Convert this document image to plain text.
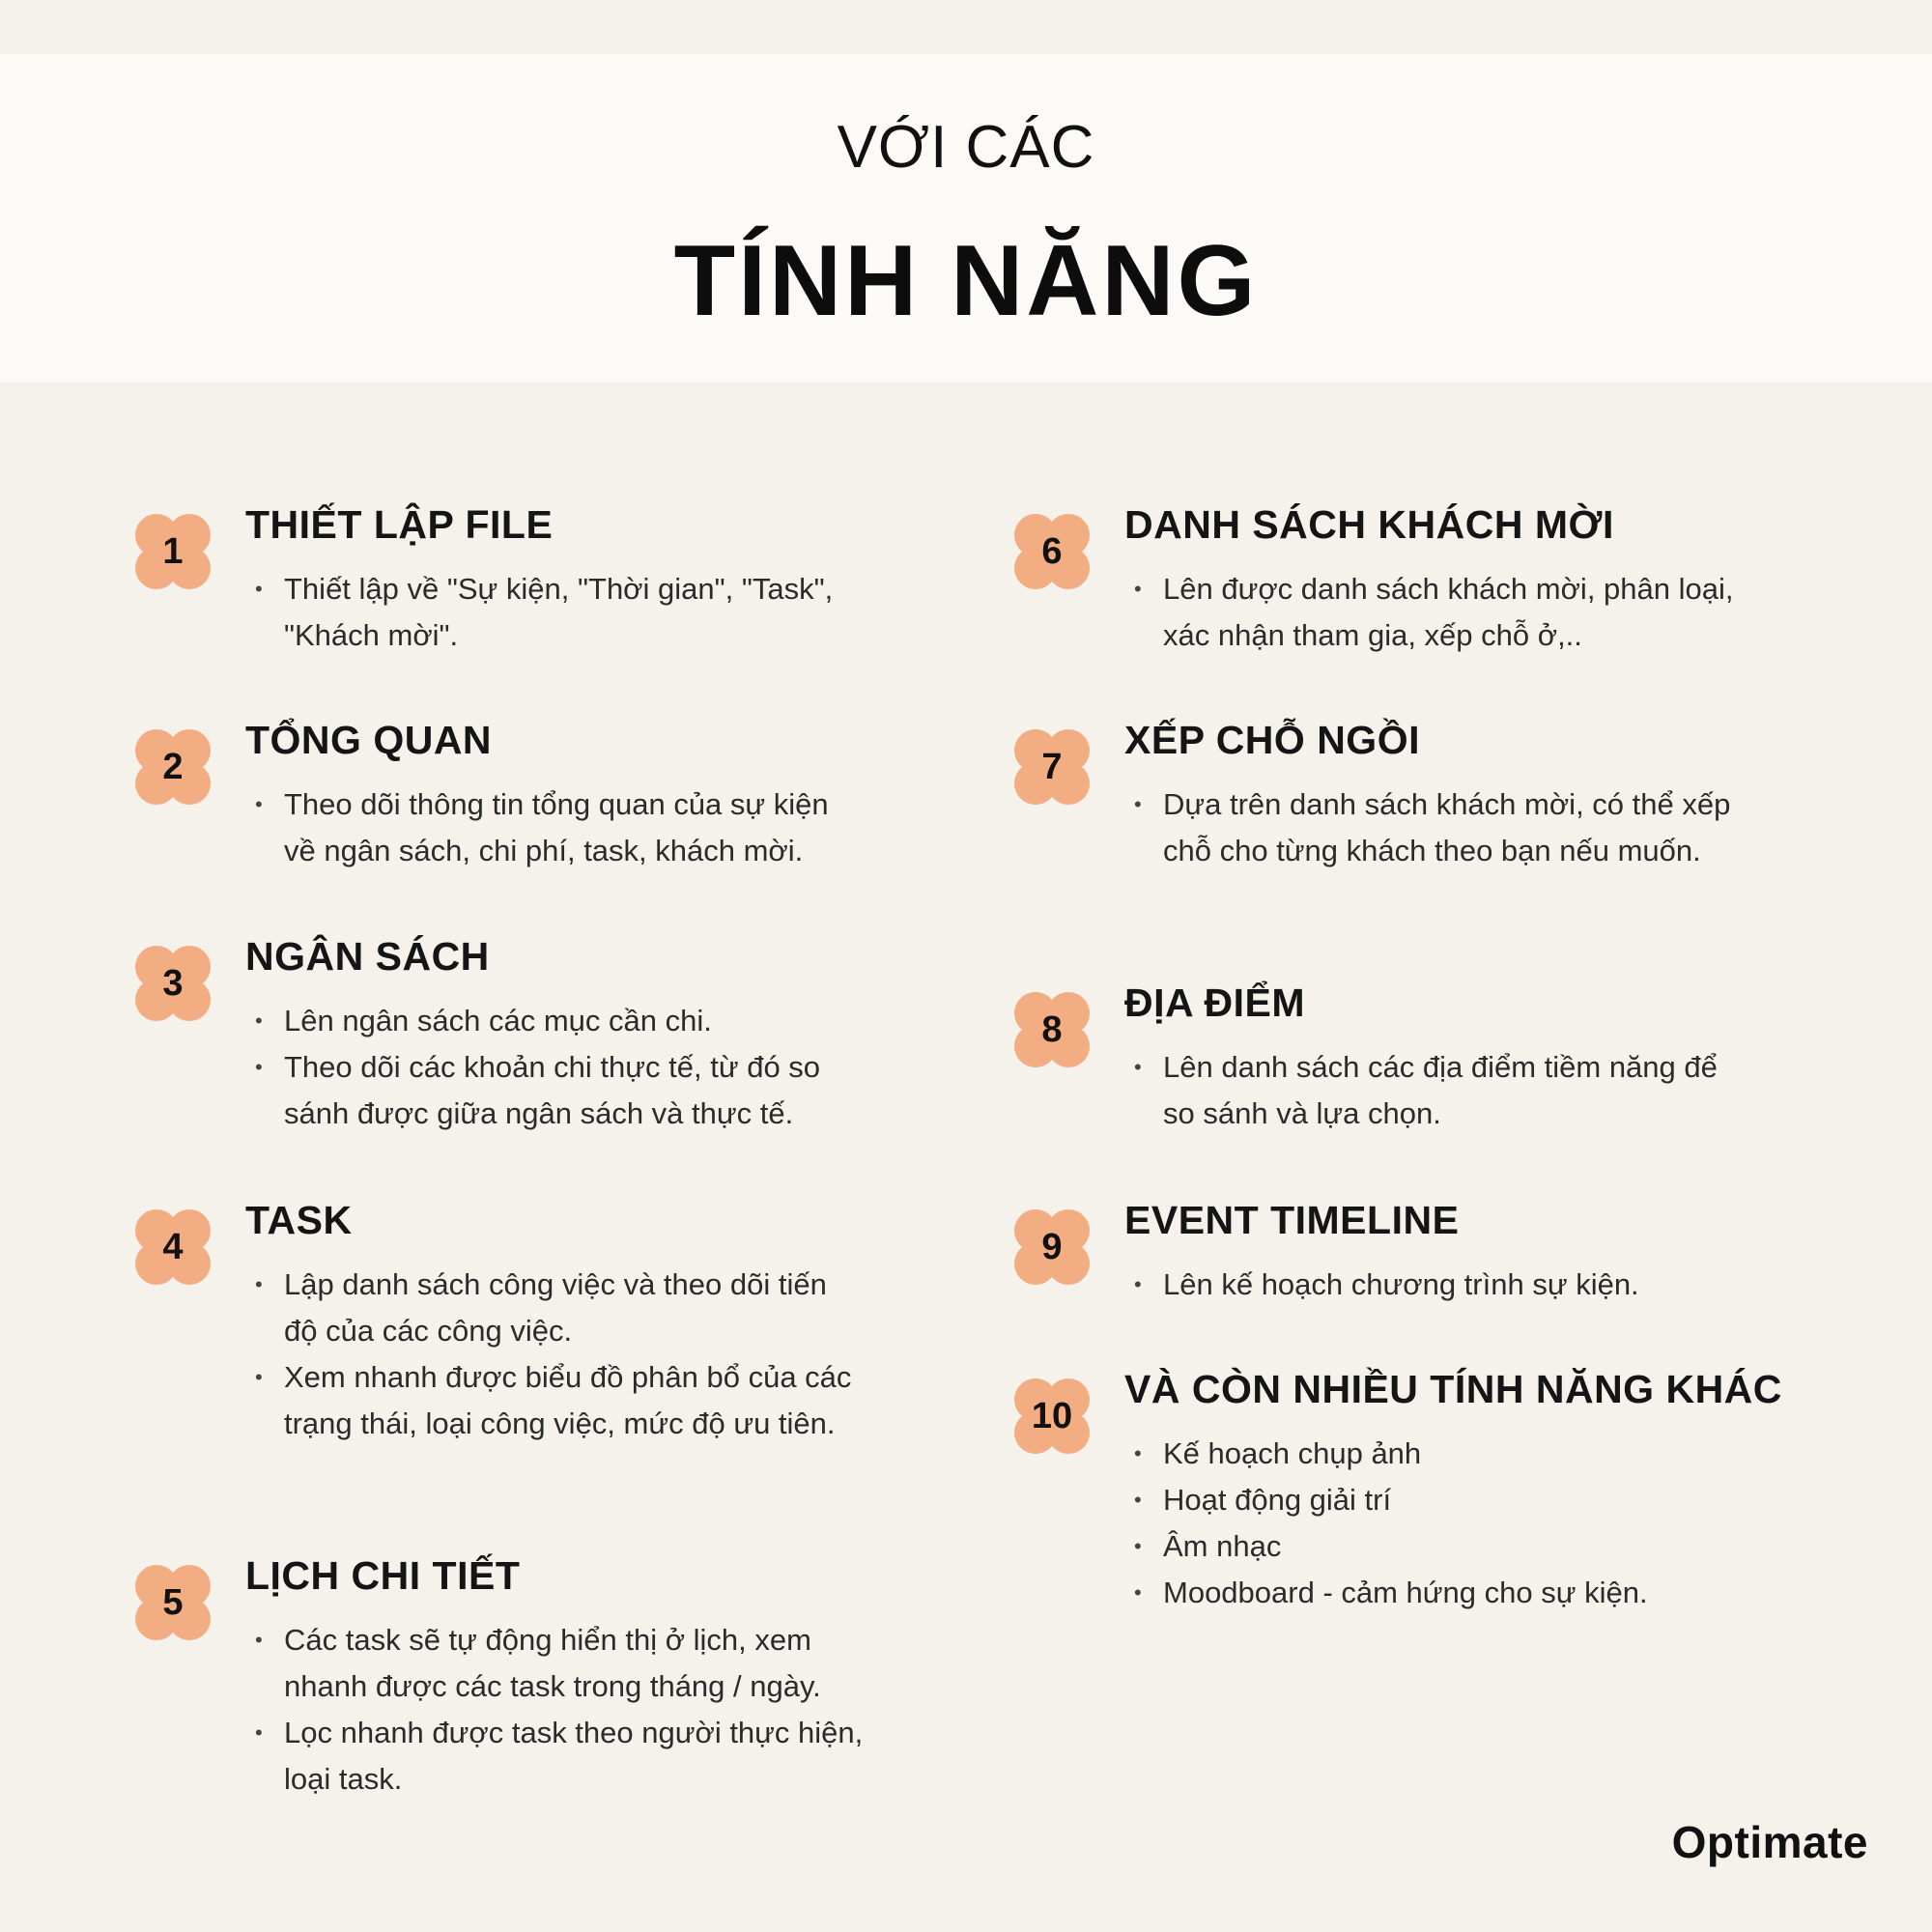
VỚI CÁC
TÍNH NĂNG
1
THIẾT LẬP FILE
• Thiết lập về "Sự kiện, "Thời gian", "Task", "Khách mời".
2
TỔNG QUAN
• Theo dõi thông tin tổng quan của sự kiện về ngân sách, chi phí, task, khách mời.
3
NGÂN SÁCH
• Lên ngân sách các mục cần chi.
• Theo dõi các khoản chi thực tế, từ đó so sánh được giữa ngân sách và thực tế.
4
TASK
• Lập danh sách công việc và theo dõi tiến độ của các công việc.
• Xem nhanh được biểu đồ phân bổ của các trạng thái, loại công việc, mức độ ưu tiên.
5
LỊCH CHI TIẾT
• Các task sẽ tự động hiển thị ở lịch, xem nhanh được các task trong tháng / ngày.
• Lọc nhanh được task theo người thực hiện, loại task.
6
DANH SÁCH KHÁCH MỜI
• Lên được danh sách khách mời, phân loại, xác nhận tham gia, xếp chỗ ở,..
7
XẾP CHỖ NGỒI
• Dựa trên danh sách khách mời, có thể xếp chỗ cho từng khách theo bạn nếu muốn.
8
ĐỊA ĐIỂM
• Lên danh sách các địa điểm tiềm năng để so sánh và lựa chọn.
9
EVENT TIMELINE
• Lên kế hoạch chương trình sự kiện.
10
VÀ CÒN NHIỀU TÍNH NĂNG KHÁC
• Kế hoạch chụp ảnh
• Hoạt động giải trí
• Âm nhạc
• Moodboard - cảm hứng cho sự kiện.
Optimate
